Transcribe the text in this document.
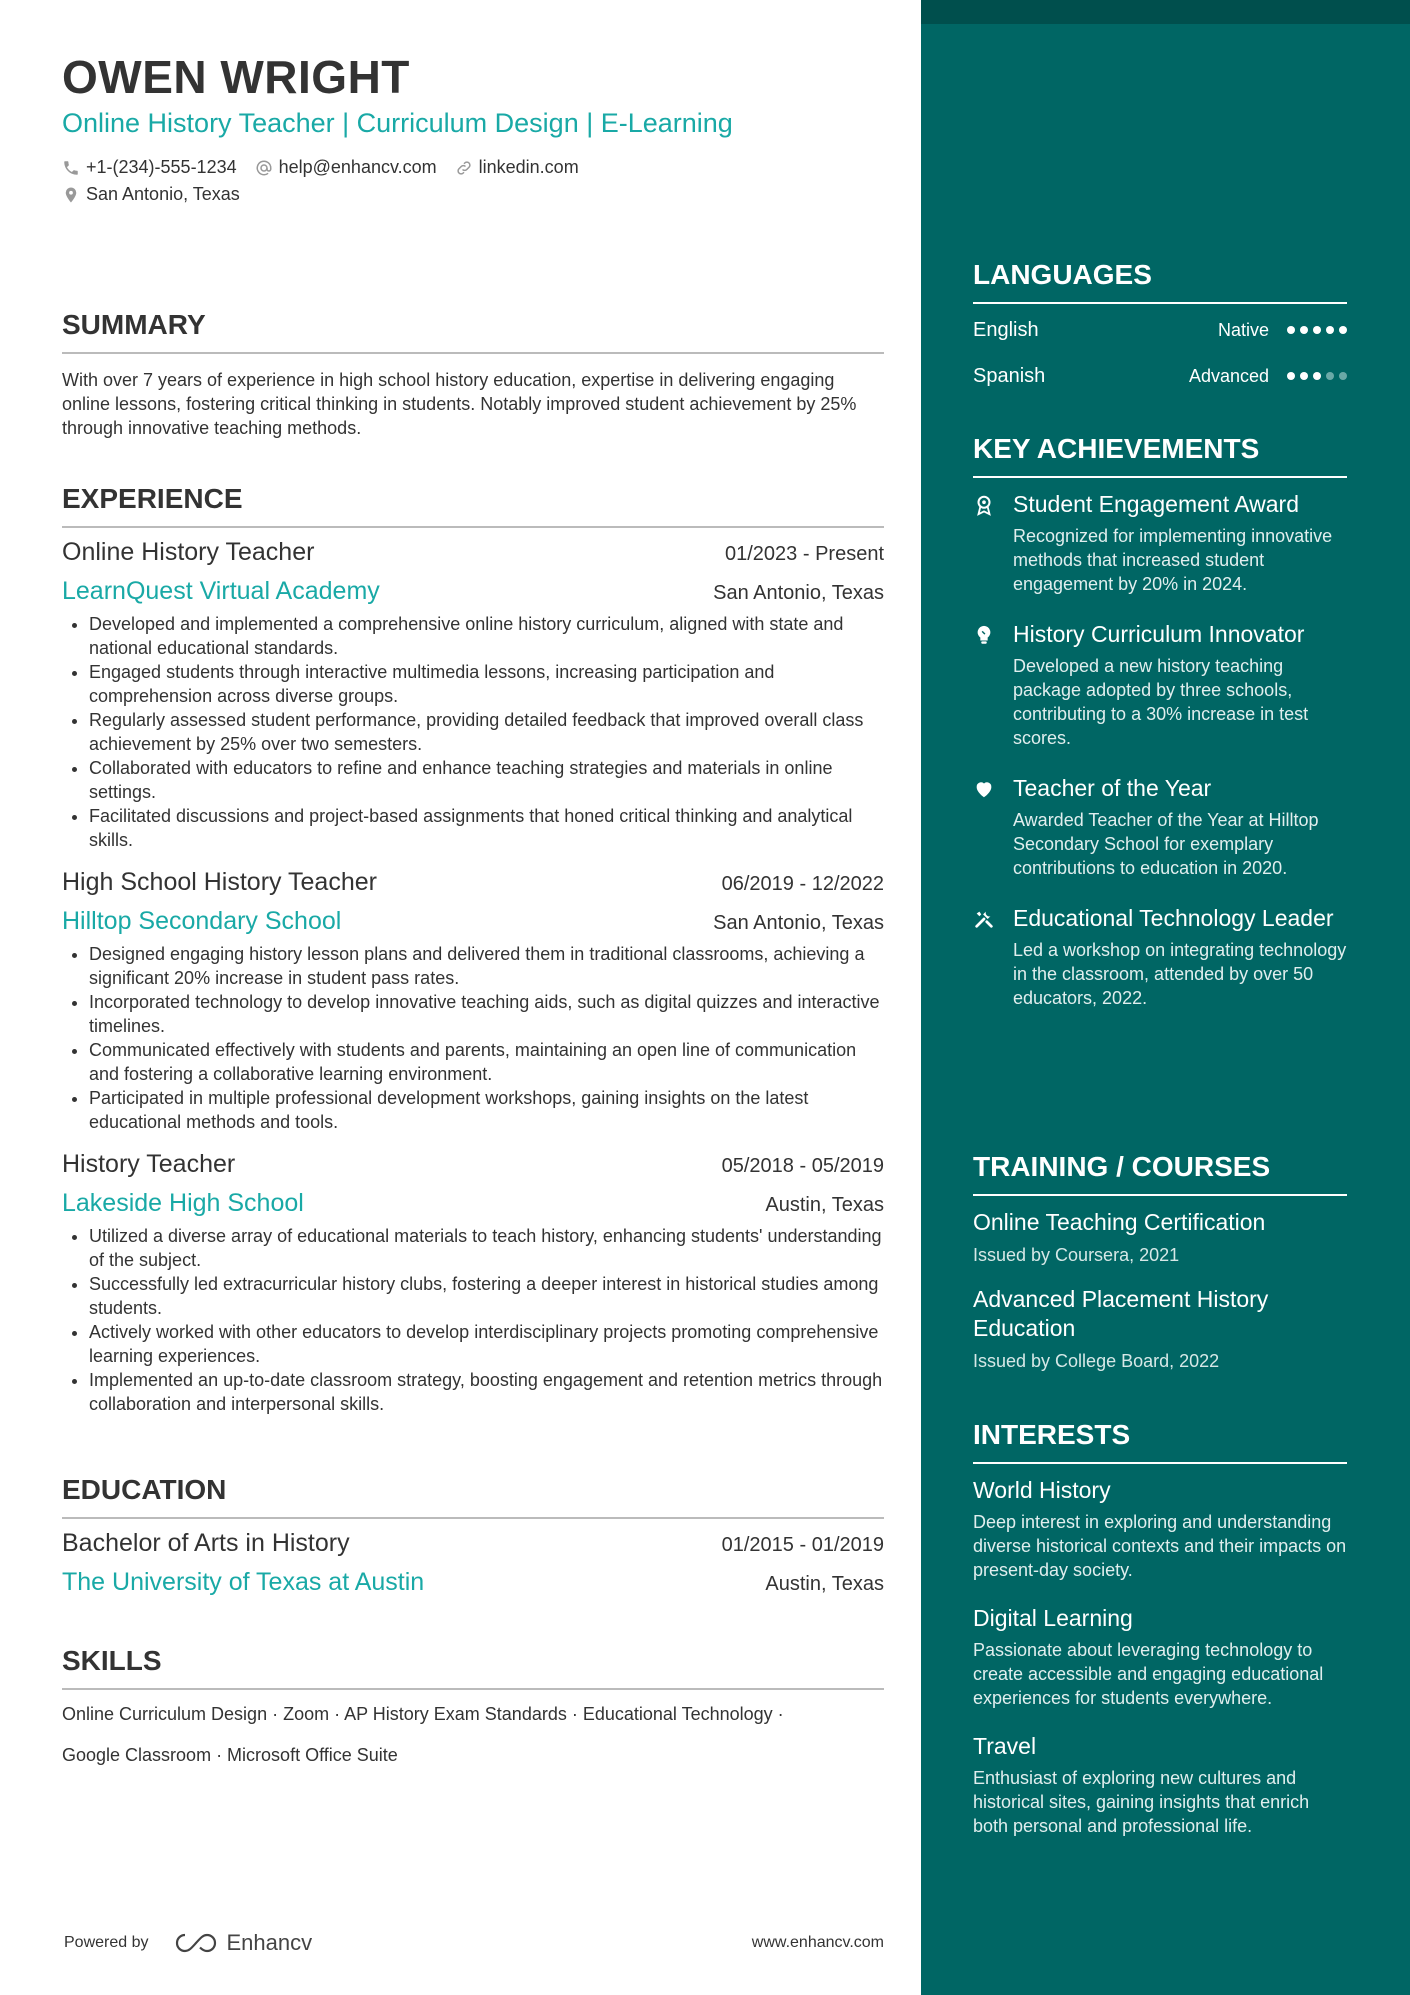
OWEN WRIGHT
Online History Teacher | Curriculum Design | E-Learning
+1-(234)-555-1234 help@enhancv.com linkedin.com
San Antonio, Texas
SUMMARY

With over 7 years of experience in high school history education, expertise in delivering engaging online lessons, fostering critical thinking in students. Notably improved student achievement by 25% through innovative teaching methods.

EXPERIENCE
Online History Teacher	01/2023 - Present
LearnQuest Virtual Academy	San Antonio, Texas
• Developed and implemented a comprehensive online history curriculum, aligned with state and national educational standards.
• Engaged students through interactive multimedia lessons, increasing participation and comprehension across diverse groups.
• Regularly assessed student performance, providing detailed feedback that improved overall class achievement by 25% over two semesters.
• Collaborated with educators to refine and enhance teaching strategies and materials in online settings.
• Facilitated discussions and project-based assignments that honed critical thinking and analytical skills.
High School History Teacher	06/2019 - 12/2022
Hilltop Secondary School	San Antonio, Texas
• Designed engaging history lesson plans and delivered them in traditional classrooms, achieving a significant 20% increase in student pass rates.
• Incorporated technology to develop innovative teaching aids, such as digital quizzes and interactive timelines.
• Communicated effectively with students and parents, maintaining an open line of communication and fostering a collaborative learning environment.
• Participated in multiple professional development workshops, gaining insights on the latest educational methods and tools.
History Teacher	05/2018 - 05/2019
Lakeside High School	Austin, Texas
• Utilized a diverse array of educational materials to teach history, enhancing students' understanding of the subject.
• Successfully led extracurricular history clubs, fostering a deeper interest in historical studies among students.
• Actively worked with other educators to develop interdisciplinary projects promoting comprehensive learning experiences.
• Implemented an up-to-date classroom strategy, boosting engagement and retention metrics through collaboration and interpersonal skills.
EDUCATION
Bachelor of Arts in History	01/2015 - 01/2019
The University of Texas at Austin	Austin, Texas
SKILLS
Online Curriculum Design · Zoom · AP History Exam Standards · Educational Technology ·
Google Classroom · Microsoft Office Suite
Powered by	Enhancv	www.enhancv.com
LANGUAGES
English	Native
Spanish	Advanced
KEY ACHIEVEMENTS
Student Engagement Award
Recognized for implementing innovative methods that increased student engagement by 20% in 2024.
History Curriculum Innovator
Developed a new history teaching package adopted by three schools, contributing to a 30% increase in test scores.
Teacher of the Year
Awarded Teacher of the Year at Hilltop Secondary School for exemplary contributions to education in 2020.
Educational Technology Leader
Led a workshop on integrating technology in the classroom, attended by over 50 educators, 2022.
TRAINING / COURSES
Online Teaching Certification
Issued by Coursera, 2021
Advanced Placement History Education
Issued by College Board, 2022
INTERESTS
World History
Deep interest in exploring and understanding diverse historical contexts and their impacts on present-day society.
Digital Learning
Passionate about leveraging technology to create accessible and engaging educational experiences for students everywhere.
Travel
Enthusiast of exploring new cultures and historical sites, gaining insights that enrich both personal and professional life.
